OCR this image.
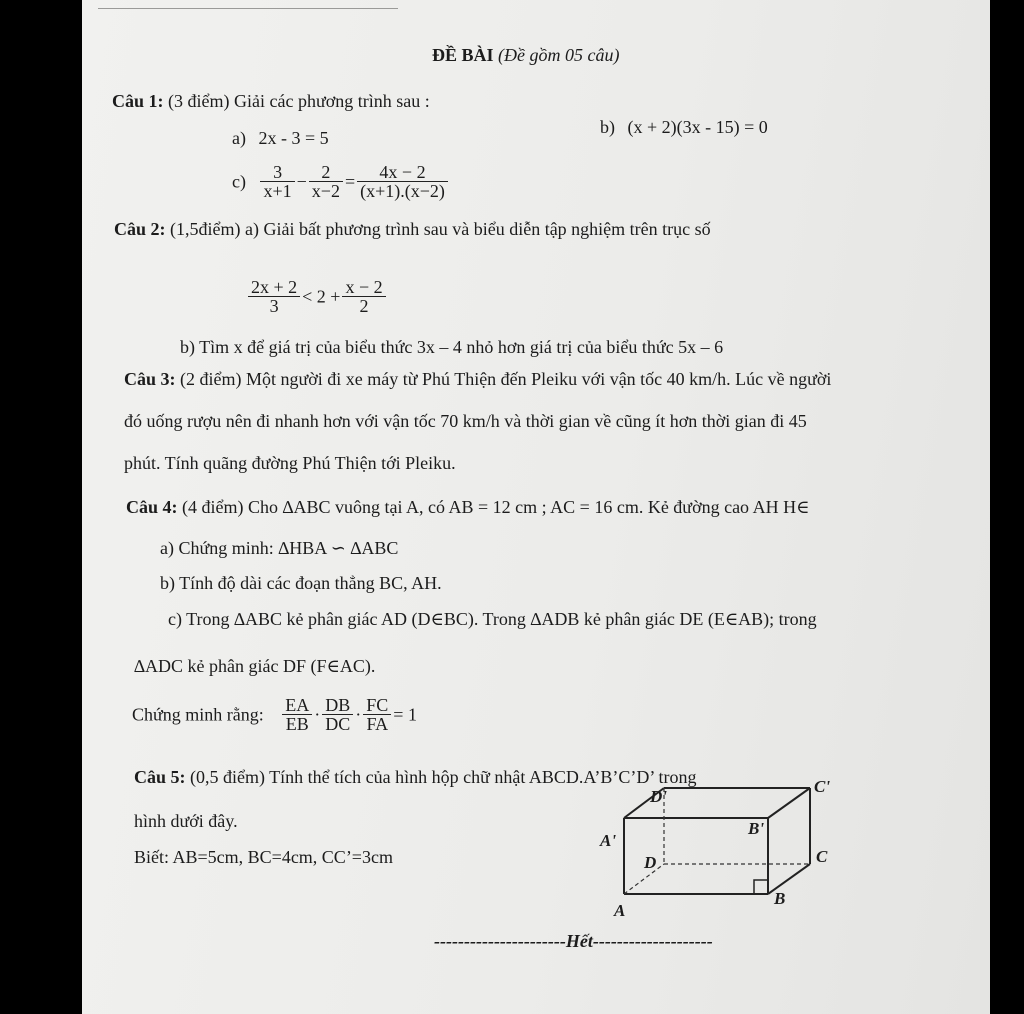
ĐỀ BÀI (Đề gồm 05 câu)
Câu 1: (3 điểm) Giải các phương trình sau :
a) 2x - 3 = 5
b) (x + 2)(3x - 15) = 0
$c) \frac{3}{x+1} - \frac{2}{x-2} = \frac{4x - 2}{(x+1).(x-2)}$
Câu 2: (1,5điểm) a) Giải bất phương trình sau và biểu diễn tập nghiệm trên trục số
$\frac{2x + 2}{3} < 2 + \frac{x - 2}{2}$
b) Tìm x để giá trị của biểu thức 3x – 4 nhỏ hơn giá trị của biểu thức 5x – 6
Câu 3: (2 điểm) Một người đi xe máy từ Phú Thiện đến Pleiku với vận tốc 40 km/h. Lúc về người
đó uống rượu nên đi nhanh hơn với vận tốc 70 km/h và thời gian về cũng ít hơn thời gian đi 45
phút. Tính quãng đường Phú Thiện tới Pleiku.
Câu 4: (4 điểm) Cho ∆ABC vuông tại A, có AB = 12 cm ; AC = 16 cm. Kẻ đường cao AH H∈
a) Chứng minh: ∆HBA ∽ ∆ABC
b) Tính độ dài các đoạn thẳng BC, AH.
c) Trong ∆ABC kẻ phân giác AD (D∈BC). Trong ∆ADB kẻ phân giác DE (E∈AB); trong
∆ADC kẻ phân giác DF (F∈AC).
Chứng minh rằng: $\frac{EA}{EB} \cdot \frac{DB}{DC} \cdot \frac{FC}{FA} = 1$
Câu 5: (0,5 điểm) Tính thể tích của hình hộp chữ nhật ABCD.A’B’C’D’ trong
hình dưới đây.
Biết: AB=5cm, BC=4cm, CC’=3cm
D'
C'
B'
A'
D	C
B
A
----------------------Hết--------------------
